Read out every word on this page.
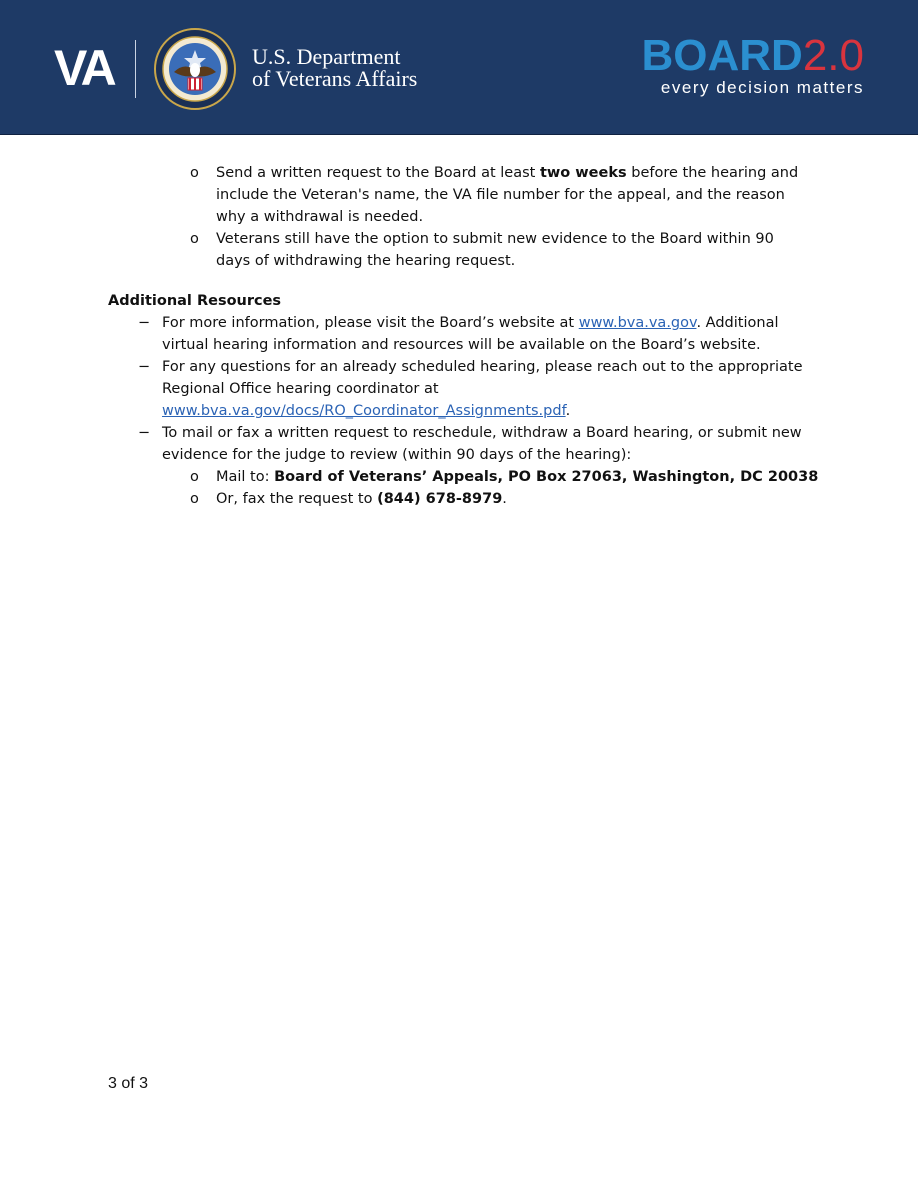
VA	U.S. Department
of Veterans Affairs	BOARD2.0
every decision matters
o Send a written request to the Board at least two weeks before the hearing and
include the Veteran's name, the VA file number for the appeal, and the reason
why a withdrawal is needed.
o Veterans still have the option to submit new evidence to the Board within 90
days of withdrawing the hearing request.
Additional Resources
− For more information, please visit the Board’s website at www.bva.va.gov. Additional
virtual hearing information and resources will be available on the Board’s website.
− For any questions for an already scheduled hearing, please reach out to the appropriate
Regional Office hearing coordinator at
www.bva.va.gov/docs/RO_Coordinator_Assignments.pdf.
− To mail or fax a written request to reschedule, withdraw a Board hearing, or submit new
evidence for the judge to review (within 90 days of the hearing):
o Mail to: Board of Veterans’ Appeals, PO Box 27063, Washington, DC 20038
o Or, fax the request to (844) 678-8979.
3 of 3
